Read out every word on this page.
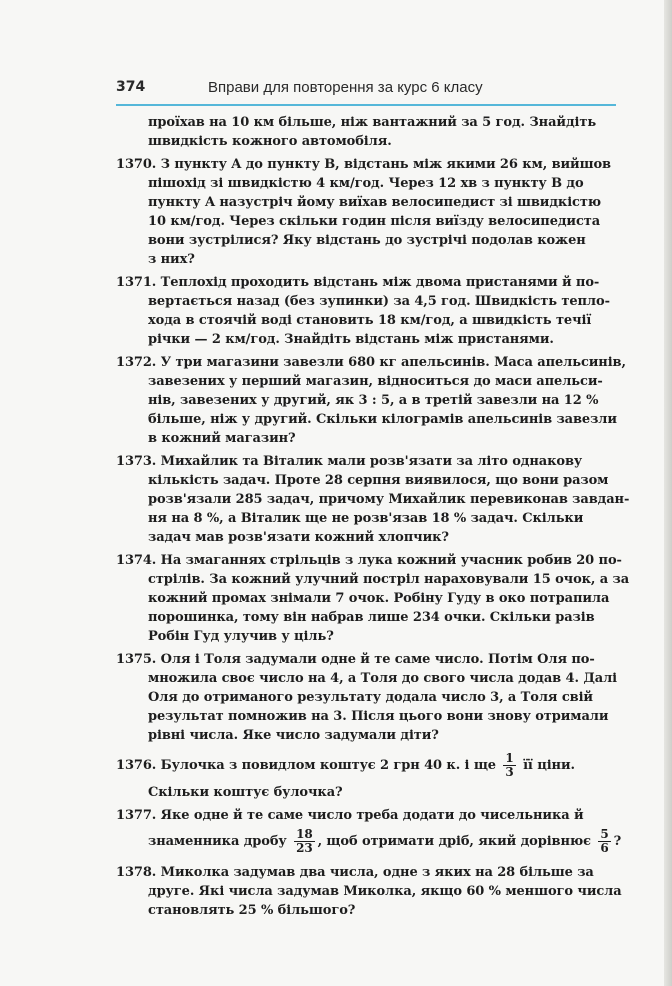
374	Вправи для повторення за курс 6 класу
проїхав на 10 км більше, ніж вантажний за 5 год. Знайдіть
швидкість кожного автомобіля.
1370. З пункту A до пункту B, відстань між якими 26 км, вийшов
пішохід зі швидкістю 4 км/год. Через 12 хв з пункту B до
пункту A назустріч йому виїхав велосипедист зі швидкістю
10 км/год. Через скільки годин після виїзду велосипедиста
вони зустрілися? Яку відстань до зустрічі подолав кожен
з них?
1371. Теплохід проходить відстань між двома пристанями й по-
вертається назад (без зупинки) за 4,5 год. Швидкість тепло-
хода в стоячій воді становить 18 км/год, а швидкість течії
річки — 2 км/год. Знайдіть відстань між пристанями.
1372. У три магазини завезли 680 кг апельсинів. Маса апельсинів,
завезених у перший магазин, відноситься до маси апельси-
нів, завезених у другий, як 3 : 5, а в третій завезли на 12 %
більше, ніж у другий. Скільки кілограмів апельсинів завезли
в кожний магазин?
1373. Михайлик та Віталик мали розв'язати за літо однакову
кількість задач. Проте 28 серпня виявилося, що вони разом
розв'язали 285 задач, причому Михайлик перевиконав завдан-
ня на 8 %, а Віталик ще не розв'язав 18 % задач. Скільки
задач мав розв'язати кожний хлопчик?
1374. На змаганнях стрільців з лука кожний учасник робив 20 по-
стрілів. За кожний улучний постріл нараховували 15 очок, а за
кожний промах знімали 7 очок. Робіну Гуду в око потрапила
порошинка, тому він набрав лише 234 очки. Скільки разів
Робін Гуд улучив у ціль?
1375. Оля і Толя задумали одне й те саме число. Потім Оля по-
множила своє число на 4, а Толя до свого числа додав 4. Далі
Оля до отриманого результату додала число 3, а Толя свій
результат помножив на 3. Після цього вони знову отримали
рівні числа. Яке число задумали діти?
1376. Булочка з повидлом коштує 2 грн 40 к. і ще $\frac{1}{3}$ її ціни.
Скільки коштує булочка?
1377. Яке одне й те саме число треба додати до чисельника й
знаменника дробу $\frac{18}{23}$ , щоб отримати дріб, який дорівнює $\frac{5}{6}$ ?
1378. Миколка задумав два числа, одне з яких на 28 більше за
друге. Які числа задумав Миколка, якщо 60 % меншого числа
становлять 25 % більшого?
